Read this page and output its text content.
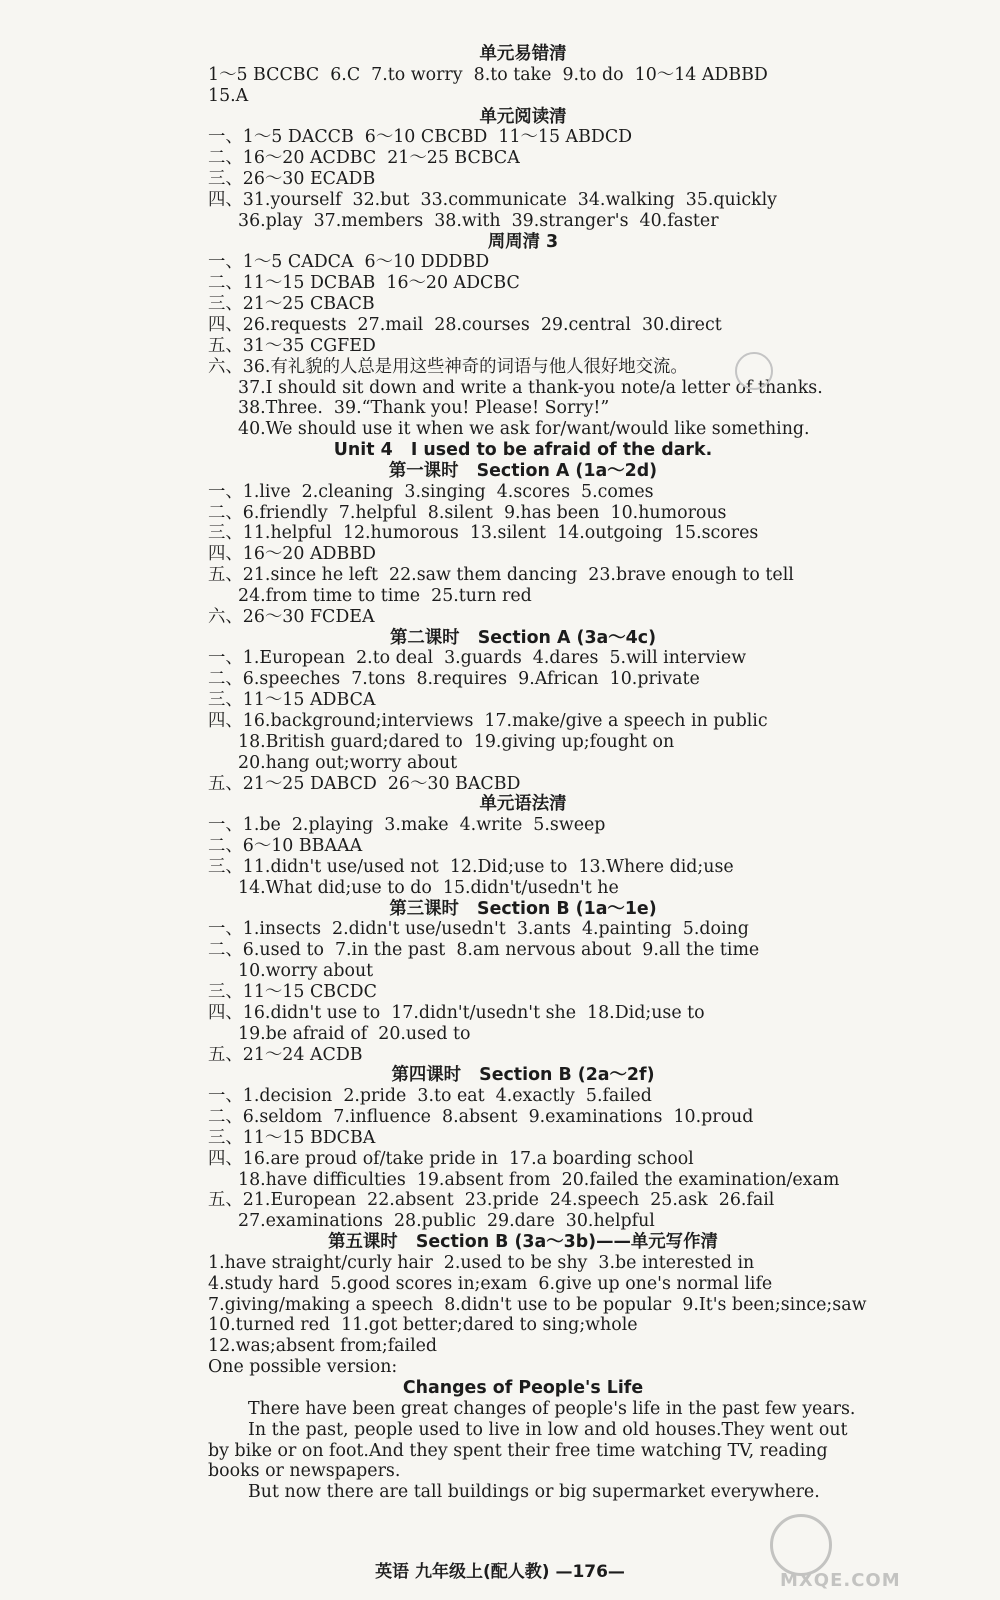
单元易错清
1～5 BCCBC  6.C  7.to worry  8.to take  9.to do  10～14 ADBBD
15.A
单元阅读清
一、1～5 DACCB  6～10 CBCBD  11～15 ABDCD
二、16～20 ACDBC  21～25 BCBCA
三、26～30 ECADB
四、31.yourself  32.but  33.communicate  34.walking  35.quickly
36.play  37.members  38.with  39.stranger's  40.faster
周周清 3
一、1～5 CADCA  6～10 DDDBD
二、11～15 DCBAB  16～20 ADCBC
三、21～25 CBACB
四、26.requests  27.mail  28.courses  29.central  30.direct
五、31～35 CGFED
六、36.有礼貌的人总是用这些神奇的词语与他人很好地交流。
37.I should sit down and write a thank-you note/a letter of thanks.
38.Three.  39.“Thank you! Please! Sorry!”
40.We should use it when we ask for/want/would like something.
Unit 4   I used to be afraid of the dark.
第一课时   Section A (1a～2d)
一、1.live  2.cleaning  3.singing  4.scores  5.comes
二、6.friendly  7.helpful  8.silent  9.has been  10.humorous
三、11.helpful  12.humorous  13.silent  14.outgoing  15.scores
四、16～20 ADBBD
五、21.since he left  22.saw them dancing  23.brave enough to tell
24.from time to time  25.turn red
六、26～30 FCDEA
第二课时   Section A (3a～4c)
一、1.European  2.to deal  3.guards  4.dares  5.will interview
二、6.speeches  7.tons  8.requires  9.African  10.private
三、11～15 ADBCA
四、16.background;interviews  17.make/give a speech in public
18.British guard;dared to  19.giving up;fought on
20.hang out;worry about
五、21～25 DABCD  26～30 BACBD
单元语法清
一、1.be  2.playing  3.make  4.write  5.sweep
二、6～10 BBAAA
三、11.didn't use/used not  12.Did;use to  13.Where did;use
14.What did;use to do  15.didn't/usedn't he
第三课时   Section B (1a～1e)
一、1.insects  2.didn't use/usedn't  3.ants  4.painting  5.doing
二、6.used to  7.in the past  8.am nervous about  9.all the time
10.worry about
三、11～15 CBCDC
四、16.didn't use to  17.didn't/usedn't she  18.Did;use to
19.be afraid of  20.used to
五、21～24 ACDB
第四课时   Section B (2a～2f)
一、1.decision  2.pride  3.to eat  4.exactly  5.failed
二、6.seldom  7.influence  8.absent  9.examinations  10.proud
三、11～15 BDCBA
四、16.are proud of/take pride in  17.a boarding school
18.have difficulties  19.absent from  20.failed the examination/exam
五、21.European  22.absent  23.pride  24.speech  25.ask  26.fail
27.examinations  28.public  29.dare  30.helpful
第五课时   Section B (3a～3b)——单元写作清
1.have straight/curly hair  2.used to be shy  3.be interested in
4.study hard  5.good scores in;exam  6.give up one's normal life
7.giving/making a speech  8.didn't use to be popular  9.It's been;since;saw
10.turned red  11.got better;dared to sing;whole
12.was;absent from;failed
One possible version:
Changes of People's Life
There have been great changes of people's life in the past few years.
In the past, people used to live in low and old houses.They went out
by bike or on foot.And they spent their free time watching TV, reading
books or newspapers.
But now there are tall buildings or big supermarket everywhere.
英语 九年级上(配人教) —176—	MXQE.COM
